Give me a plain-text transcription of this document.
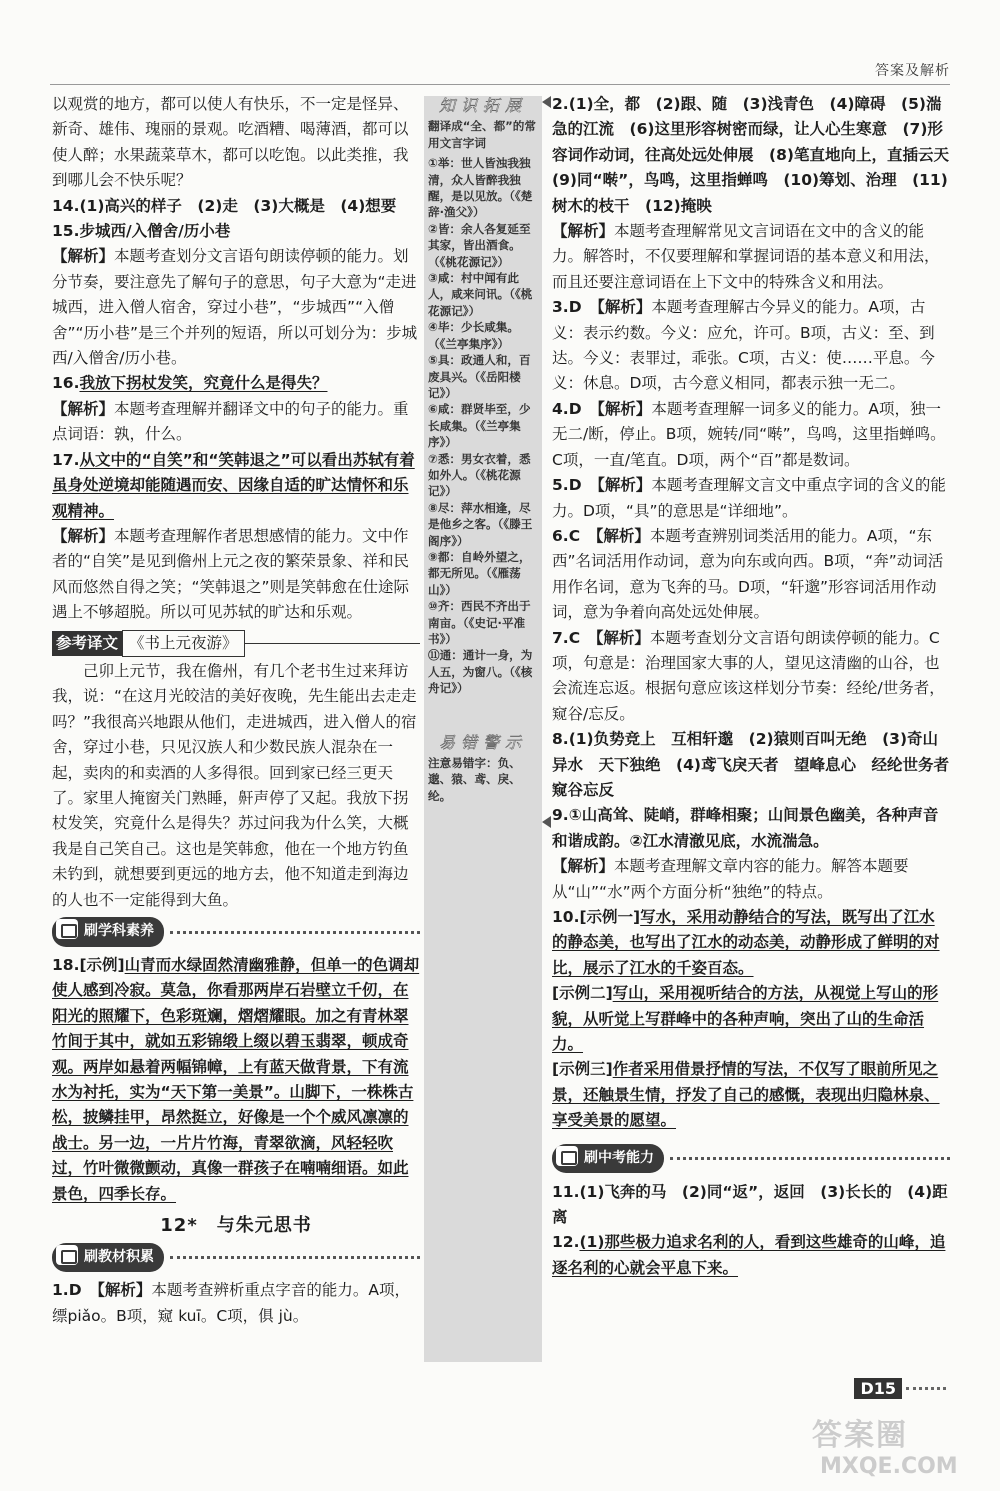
答案及解析

以观赏的地方，都可以使人有快乐，不一定是怪异、新奇、雄伟、瑰丽的景观。吃酒糟、喝薄酒，都可以使人醉；水果蔬菜草木，都可以吃饱。以此类推，我到哪儿会不快乐呢？

14.(1)高兴的样子　(2)走　(3)大概是　(4)想要

15.步城西/入僧舍/历小巷

【解析】本题考查划分文言语句朗读停顿的能力。划分节奏，要注意先了解句子的意思，句子大意为“走进城西，进入僧人宿舍，穿过小巷”，“步城西”“入僧舍”“历小巷”是三个并列的短语，所以可划分为：步城西/入僧舍/历小巷。

16.我放下拐杖发笑，究竟什么是得失？

【解析】本题考查理解并翻译文中的句子的能力。重点词语：孰，什么。

17.从文中的“自笑”和“笑韩退之”可以看出苏轼有着虽身处逆境却能随遇而安、因缘自适的旷达情怀和乐观精神。

【解析】本题考查理解作者思想感情的能力。文中作者的“自笑”是见到儋州上元之夜的繁荣景象、祥和民风而悠然自得之笑；“笑韩退之”则是笑韩愈在仕途际遇上不够超脱。所以可见苏轼的旷达和乐观。

参考译文 《书上元夜游》

己卯上元节，我在儋州，有几个老书生过来拜访我，说：“在这月光皎洁的美好夜晚，先生能出去走走吗？”我很高兴地跟从他们，走进城西，进入僧人的宿舍，穿过小巷，只见汉族人和少数民族人混杂在一起，卖肉的和卖酒的人多得很。回到家已经三更天了。家里人掩窗关门熟睡，鼾声停了又起。我放下拐杖发笑，究竟什么是得失？苏过问我为什么笑，大概我是自己笑自己。这也是笑韩愈，他在一个地方钓鱼未钓到，就想要到更远的地方去，他不知道走到海边的人也不一定能得到大鱼。

刷学科素养

18.[示例]山青而水绿固然清幽雅静，但单一的色调却使人感到冷寂。莫急，你看那两岸石岩壁立千仞，在阳光的照耀下，色彩斑斓，熠熠耀眼。加之有青林翠竹间于其中，就如五彩锦缎上缀以碧玉翡翠，顿成奇观。两岸如悬着两幅锦幛，上有蓝天做背景，下有流水为衬托，实为“天下第一美景”。山脚下，一株株古松，披鳞挂甲，昂然挺立，好像是一个个威风凛凛的战士。另一边，一片片竹海，青翠欲滴，风轻轻吹过，竹叶微微颤动，真像一群孩子在喃喃细语。如此景色，四季长存。

12*　 与朱元思书
刷教材积累

1.D　 【解析】本题考查辨析重点字音的能力。A项，缥piǎo。B项，窥 kuī。C项，俱 jù。

知识拓展
翻译成“全、都”的常用文言字词
①举：世人皆浊我独清，众人皆醉我独醒，是以见放。（《楚辞·渔父》）
②皆：余人各复延至其家，皆出酒食。（《桃花源记》）
③咸：村中闻有此人，咸来问讯。（《桃花源记》）
④毕：少长咸集。（《兰亭集序》）
⑤具：政通人和，百废具兴。（《岳阳楼记》）
⑥咸：群贤毕至，少长咸集。（《兰亭集序》）
⑦悉：男女衣着，悉如外人。（《桃花源记》）
⑧尽：萍水相逢，尽是他乡之客。（《滕王阁序》）
⑨都：自岭外望之，都无所见。（《雁荡山》）
⑩齐：西民不齐出于南亩。（《史记·平准书》）
⑪通：通计一身，为人五，为窗八。（《核舟记》）
易错警示
注意易错字：负、邈、猿、鸢、戾、纶。

2.(1)全，都　(2)跟、随　(3)浅青色　(4)障碍　(5)湍急的江流　(6)这里形容树密而绿，让人心生寒意　(7)形容词作动词，往高处远处伸展　(8)笔直地向上，直插云天　(9)同“啭”，鸟鸣，这里指蝉鸣　(10)筹划、治理　(11)树木的枝干　(12)掩映

【解析】本题考查理解常见文言词语在文中的含义的能力。解答时，不仅要理解和掌握词语的基本意义和用法，而且还要注意词语在上下文中的特殊含义和用法。

3.D　 【解析】本题考查理解古今异义的能力。A项，古义：表示约数。今义：应允，许可。B项，古义：至、到达。今义：表罪过，乖张。C项，古义：使……平息。今义：休息。D项，古今意义相同，都表示独一无二。

4.D　 【解析】本题考查理解一词多义的能力。A项，独一无二/断，停止。B项，婉转/同“啭”，鸟鸣，这里指蝉鸣。C项，一直/笔直。D项，两个“百”都是数词。

5.D　 【解析】本题考查理解文言文中重点字词的含义的能力。D项，“具”的意思是“详细地”。

6.C　 【解析】本题考查辨别词类活用的能力。A项，“东西”名词活用作动词，意为向东或向西。B项，“奔”动词活用作名词，意为飞奔的马。D项，“轩邈”形容词活用作动词，意为争着向高处远处伸展。

7.C　 【解析】本题考查划分文言语句朗读停顿的能力。C项，句意是：治理国家大事的人，望见这清幽的山谷，也会流连忘返。根据句意应该这样划分节奏：经纶/世务者，窥谷/忘反。

8.(1)负势竞上　互相轩邈　(2)猿则百叫无绝　(3)奇山异水　天下独绝　(4)鸢飞戾天者　望峰息心　经纶世务者　窥谷忘反

9.①山高耸、陡峭，群峰相聚；山间景色幽美，各种声音和谐成韵。②江水清澈见底，水流湍急。

【解析】本题考查理解文章内容的能力。解答本题要从“山”“水”两个方面分析“独绝”的特点。

10.[示例一]写水，采用动静结合的写法，既写出了江水的静态美，也写出了江水的动态美，动静形成了鲜明的对比，展示了江水的千姿百态。

[示例二]写山，采用视听结合的方法，从视觉上写山的形貌，从听觉上写群峰中的各种声响，突出了山的生命活力。

[示例三]作者采用借景抒情的写法，不仅写了眼前所见之景，还触景生情，抒发了自己的感慨，表现出归隐林泉、享受美景的愿望。

刷中考能力

11.(1)飞奔的马　(2)同“返”，返回　(3)长长的　(4)距离

12.(1)那些极力追求名利的人，看到这些雄奇的山峰，追逐名利的心就会平息下来。

D15
答案圈
MXQE.COM
